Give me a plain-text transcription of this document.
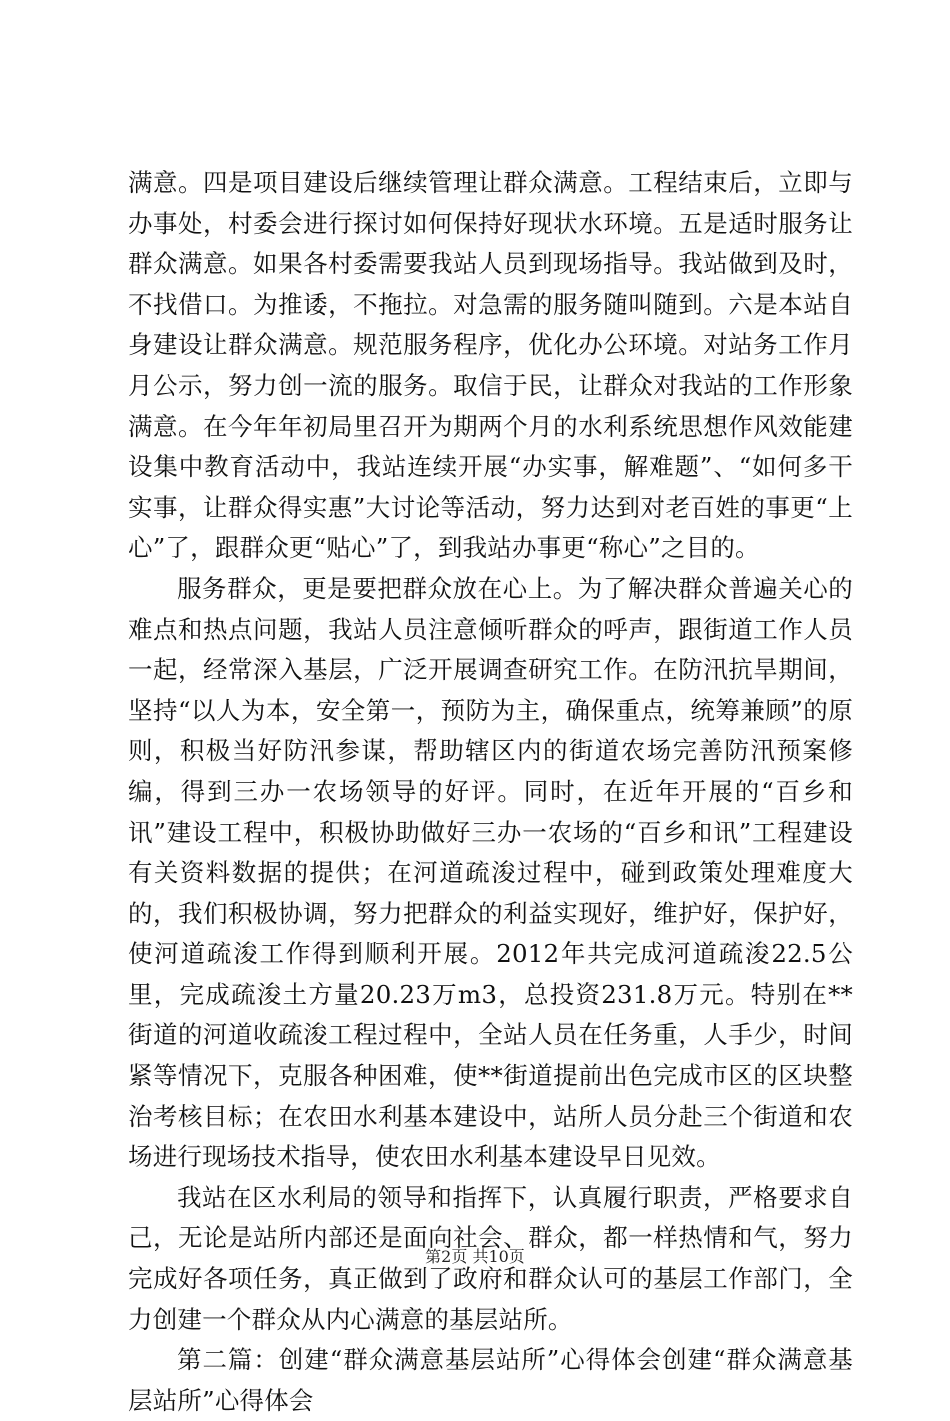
满意。四是项目建设后继续管理让群众满意。工程结束后，立即与办事处，村委会进行探讨如何保持好现状水环境。五是适时服务让群众满意。如果各村委需要我站人员到现场指导。我站做到及时，不找借口。为推诿，不拖拉。对急需的服务随叫随到。六是本站自身建设让群众满意。规范服务程序，优化办公环境。对站务工作月月公示，努力创一流的服务。取信于民，让群众对我站的工作形象满意。在今年年初局里召开为期两个月的水利系统思想作风效能建设集中教育活动中，我站连续开展“办实事，解难题”、“如何多干实事，让群众得实惠”大讨论等活动，努力达到对老百姓的事更“上心”了，跟群众更“贴心”了，到我站办事更“称心”之目的。

服务群众，更是要把群众放在心上。为了解决群众普遍关心的难点和热点问题，我站人员注意倾听群众的呼声，跟街道工作人员一起，经常深入基层，广泛开展调查研究工作。在防汛抗旱期间，坚持“以人为本，安全第一，预防为主，确保重点，统筹兼顾”的原则，积极当好防汛参谋，帮助辖区内的街道农场完善防汛预案修编，得到三办一农场领导的好评。同时，在近年开展的“百乡和讯”建设工程中，积极协助做好三办一农场的“百乡和讯”工程建设有关资料数据的提供；在河道疏浚过程中，碰到政策处理难度大的，我们积极协调，努力把群众的利益实现好，维护好，保护好，使河道疏浚工作得到顺利开展。2012年共完成河道疏浚22.5公里，完成疏浚土方量20.23万m3，总投资231.8万元。特别在**街道的河道收疏浚工程过程中，全站人员在任务重，人手少，时间紧等情况下，克服各种困难，使**街道提前出色完成市区的区块整治考核目标；在农田水利基本建设中，站所人员分赴三个街道和农场进行现场技术指导，使农田水利基本建设早日见效。

我站在区水利局的领导和指挥下，认真履行职责，严格要求自己，无论是站所内部还是面向社会、群众，都一样热情和气，努力完成好各项任务，真正做到了政府和群众认可的基层工作部门，全力创建一个群众从内心满意的基层站所。

第二篇：创建“群众满意基层站所”心得体会创建“群众满意基层站所”心得体会

第2页 共10页
